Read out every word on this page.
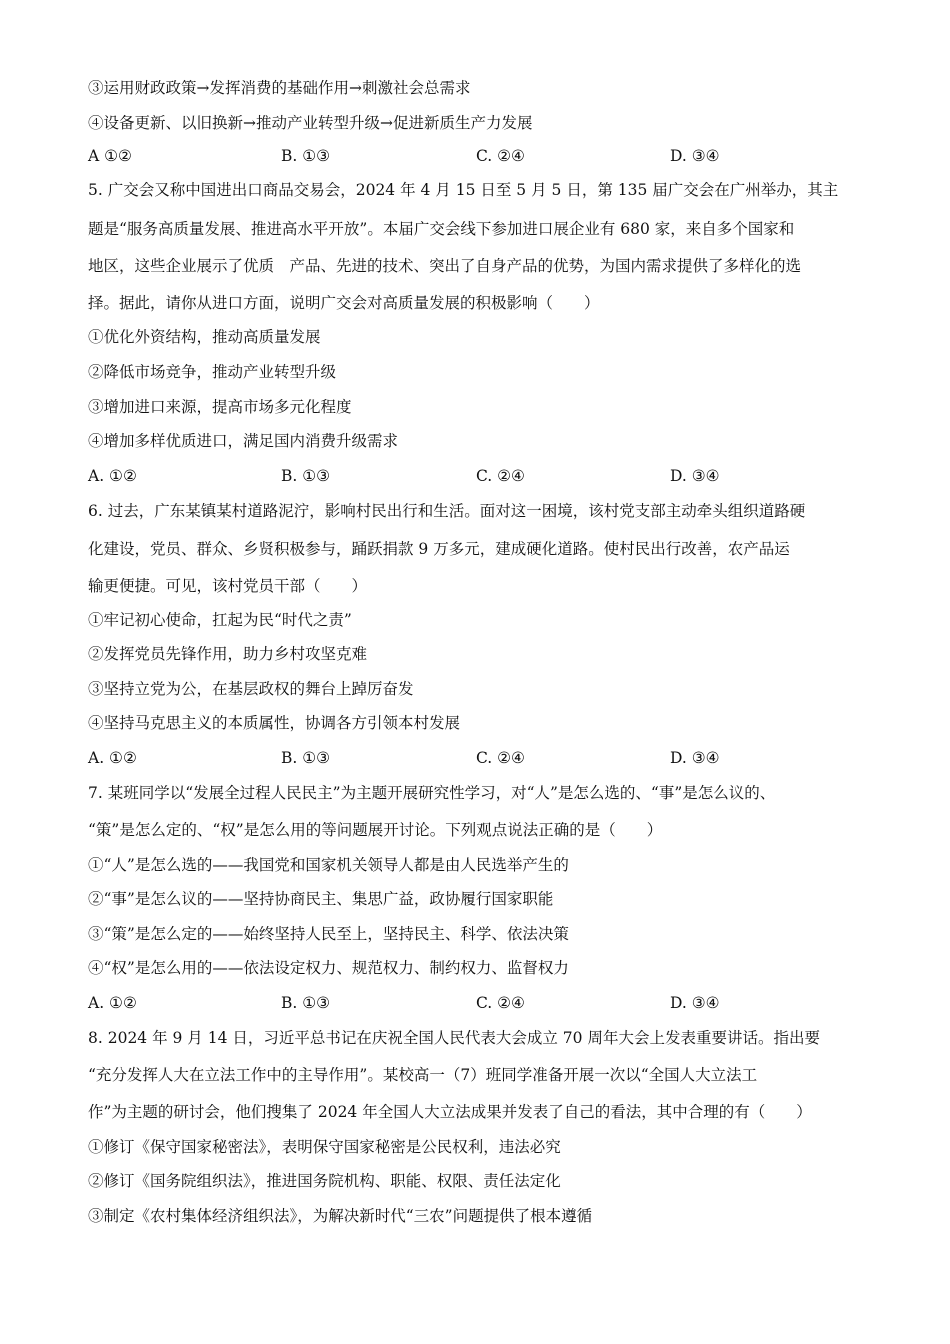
③运用财政政策→发挥消费的基础作用→刺激社会总需求
④设备更新、以旧换新→推动产业转型升级→促进新质生产力发展
A ①②	B. ①③	C. ②④	D. ③④
5. 广交会又称中国进出口商品交易会，2024 年 4 月 15 日至 5 月 5 日，第 135 届广交会在广州举办，其主
题是“服务高质量发展、推进高水平开放”。本届广交会线下参加进口展企业有 680 家，来自多个国家和
地区，这些企业展示了优质　产品、先进的技术、突出了自身产品的优势，为国内需求提供了多样化的选
择。据此，请你从进口方面，说明广交会对高质量发展的积极影响（　　）
①优化外资结构，推动高质量发展
②降低市场竞争，推动产业转型升级
③增加进口来源，提高市场多元化程度
④增加多样优质进口，满足国内消费升级需求
A. ①②	B. ①③	C. ②④	D. ③④
6. 过去，广东某镇某村道路泥泞，影响村民出行和生活。面对这一困境，该村党支部主动牵头组织道路硬
化建设，党员、群众、乡贤积极参与，踊跃捐款 9 万多元，建成硬化道路。使村民出行改善，农产品运
输更便捷。可见，该村党员干部（　　）
①牢记初心使命，扛起为民“时代之责”
②发挥党员先锋作用，助力乡村攻坚克难
③坚持立党为公，在基层政权的舞台上踔厉奋发
④坚持马克思主义的本质属性，协调各方引领本村发展
A. ①②	B. ①③	C. ②④	D. ③④
7. 某班同学以“发展全过程人民民主”为主题开展研究性学习，对“人”是怎么选的、“事”是怎么议的、
“策”是怎么定的、“权”是怎么用的等问题展开讨论。下列观点说法正确的是（　　）
①“人”是怎么选的——我国党和国家机关领导人都是由人民选举产生的
②“事”是怎么议的——坚持协商民主、集思广益，政协履行国家职能
③“策”是怎么定的——始终坚持人民至上，坚持民主、科学、依法决策
④“权”是怎么用的——依法设定权力、规范权力、制约权力、监督权力
A. ①②	B. ①③	C. ②④	D. ③④
8. 2024 年 9 月 14 日，习近平总书记在庆祝全国人民代表大会成立 70 周年大会上发表重要讲话。指出要
“充分发挥人大在立法工作中的主导作用”。某校高一（7）班同学准备开展一次以“全国人大立法工
作”为主题的研讨会，他们搜集了 2024 年全国人大立法成果并发表了自己的看法，其中合理的有（　　）
①修订《保守国家秘密法》，表明保守国家秘密是公民权利，违法必究
②修订《国务院组织法》，推进国务院机构、职能、权限、责任法定化
③制定《农村集体经济组织法》，为解决新时代“三农”问题提供了根本遵循
